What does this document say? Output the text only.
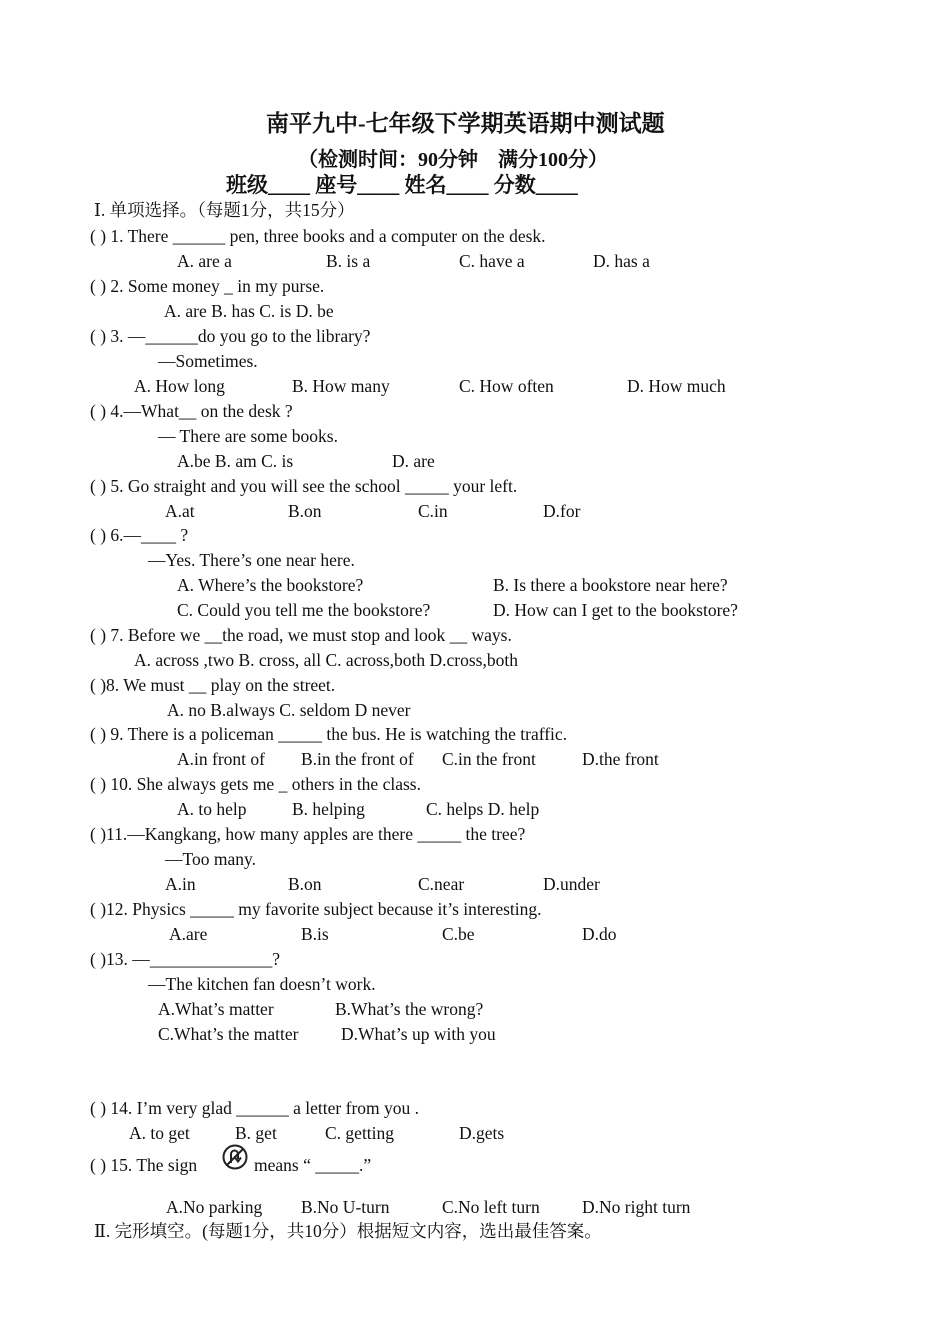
南平九中-七年级下学期英语期中测试题
（检测时间：90分钟　满分100分）
班级____ 座号____ 姓名____ 分数____
Ⅰ. 单项选择。（每题1分，共15分）
( ) 1. There ______ pen, three books and a computer on the desk.
A. are a	B. is a	C. have a	D. has a
( ) 2. Some money _ in my purse.
A. are B. has C. is D. be
( ) 3. —______do you go to the library?
—Sometimes.
A. How long	B. How many	C. How often	D. How much
( ) 4.—What__ on the desk ?
— There are some books.
A.be B. am C. is	D. are
( ) 5. Go straight and you will see the school _____ your left.
A.at	B.on	C.in	D.for
( ) 6.—____ ?
—Yes. There’s one near here.
A. Where’s the bookstore?	B. Is there a bookstore near here?
C. Could you tell me the bookstore?	D. How can I get to the bookstore?
( ) 7. Before we __the road, we must stop and look __ ways.
A. across ,two B. cross, all C. across,both D.cross,both
( )8. We must __ play on the street.
A. no B.always C. seldom D never
( ) 9. There is a policeman _____ the bus. He is watching the traffic.
A.in front of B.in the front of C.in the front	D.the front
( ) 10. She always gets me _ others in the class.
A. to help	B. helping	C. helps D. help
( )11.—Kangkang, how many apples are there _____ the tree?
—Too many.
A.in	B.on	C.near	D.under
( )12. Physics _____ my favorite subject because it’s interesting.
A.are	B.is	C.be	D.do
( )13. —______________?
—The kitchen fan doesn’t work.
A.What’s matter	B.What’s the wrong?
C.What’s the matter D.What’s up with you
( ) 14. I’m very glad ______ a letter from you .
A. to get	B. get	C. getting	D.gets
( ) 15. The sign	means “ _____.”
A.No parking B.No U-turn	C.No left turn D.No right turn
Ⅱ. 完形填空。(每题1分，共10分）根据短文内容，选出最佳答案。
